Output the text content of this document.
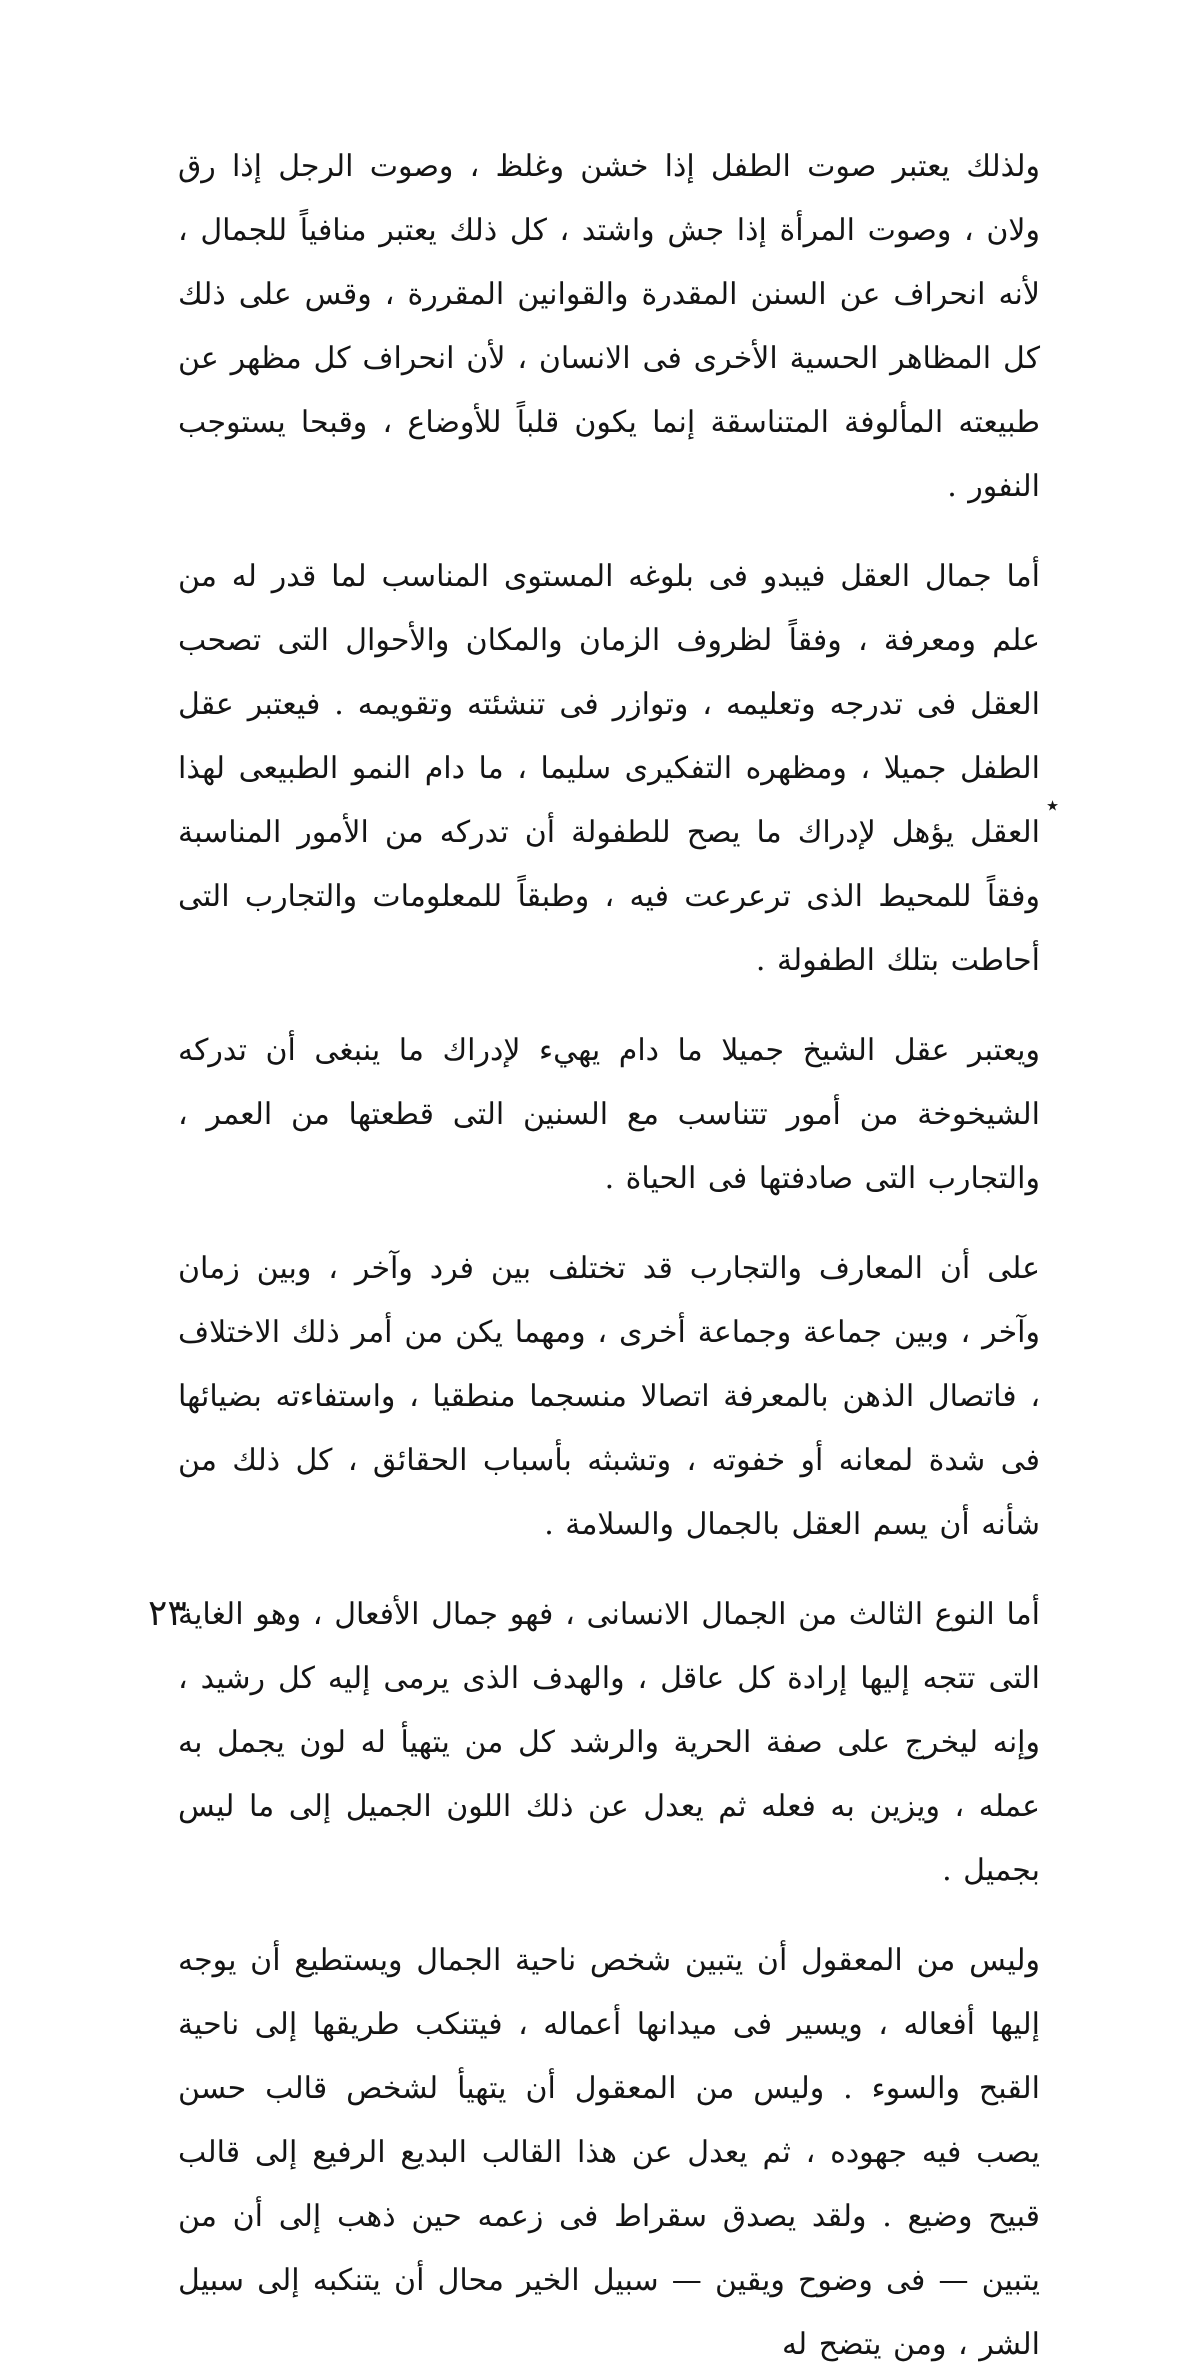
ولذلك يعتبر صوت الطفل إذا خشن وغلظ ، وصوت الرجل إذا رق ولان ، وصوت المرأة إذا جش واشتد ، كل ذلك يعتبر منافياً للجمال ، لأنه انحراف عن السنن المقدرة والقوانين المقررة ، وقس على ذلك كل المظاهر الحسية الأخرى فى الانسان ، لأن انحراف كل مظهر عن طبيعته المألوفة المتناسقة إنما يكون قلباً للأوضاع ، وقبحا يستوجب النفور .

أما جمال العقل فيبدو فى بلوغه المستوى المناسب لما قدر له من علم ومعرفة ، وفقاً لظروف الزمان والمكان والأحوال التى تصحب العقل فى تدرجه وتعليمه ، وتوازر فى تنشئته وتقويمه . فيعتبر عقل الطفل جميلا ، ومظهره التفكيرى سليما ، ما دام النمو الطبيعى لهذا العقل يؤهل لإدراك ما يصح للطفولة أن تدركه من الأمور المناسبة وفقاً للمحيط الذى ترعرعت فيه ، وطبقاً للمعلومات والتجارب التى أحاطت بتلك الطفولة .

ويعتبر عقل الشيخ جميلا ما دام يهيء لإدراك ما ينبغى أن تدركه الشيخوخة من أمور تتناسب مع السنين التى قطعتها من العمر ، والتجارب التى صادفتها فى الحياة .

على أن المعارف والتجارب قد تختلف بين فرد وآخر ، وبين زمان وآخر ، وبين جماعة وجماعة أخرى ، ومهما يكن من أمر ذلك الاختلاف ، فاتصال الذهن بالمعرفة اتصالا منسجما منطقيا ، واستفاءته بضيائها فى شدة لمعانه أو خفوته ، وتشبثه بأسباب الحقائق ، كل ذلك من شأنه أن يسم العقل بالجمال والسلامة .

أما النوع الثالث من الجمال الانسانى ، فهو جمال الأفعال ، وهو الغاية التى تتجه إليها إرادة كل عاقل ، والهدف الذى يرمى إليه كل رشيد ، وإنه ليخرج على صفة الحرية والرشد كل من يتهيأ له لون يجمل به عمله ، ويزين به فعله ثم يعدل عن ذلك اللون الجميل إلى ما ليس بجميل .

وليس من المعقول أن يتبين شخص ناحية الجمال ويستطيع أن يوجه إليها أفعاله ، ويسير فى ميدانها أعماله ، فيتنكب طريقها إلى ناحية القبح والسوء . وليس من المعقول أن يتهيأ لشخص قالب حسن يصب فيه جهوده ، ثم يعدل عن هذا القالب البديع الرفيع إلى قالب قبيح وضيع . ولقد يصدق سقراط فى زعمه حين ذهب إلى أن من يتبين — فى وضوح ويقين — سبيل الخير محال أن يتنكبه إلى سبيل الشر ، ومن يتضح له

٭
٢٣
